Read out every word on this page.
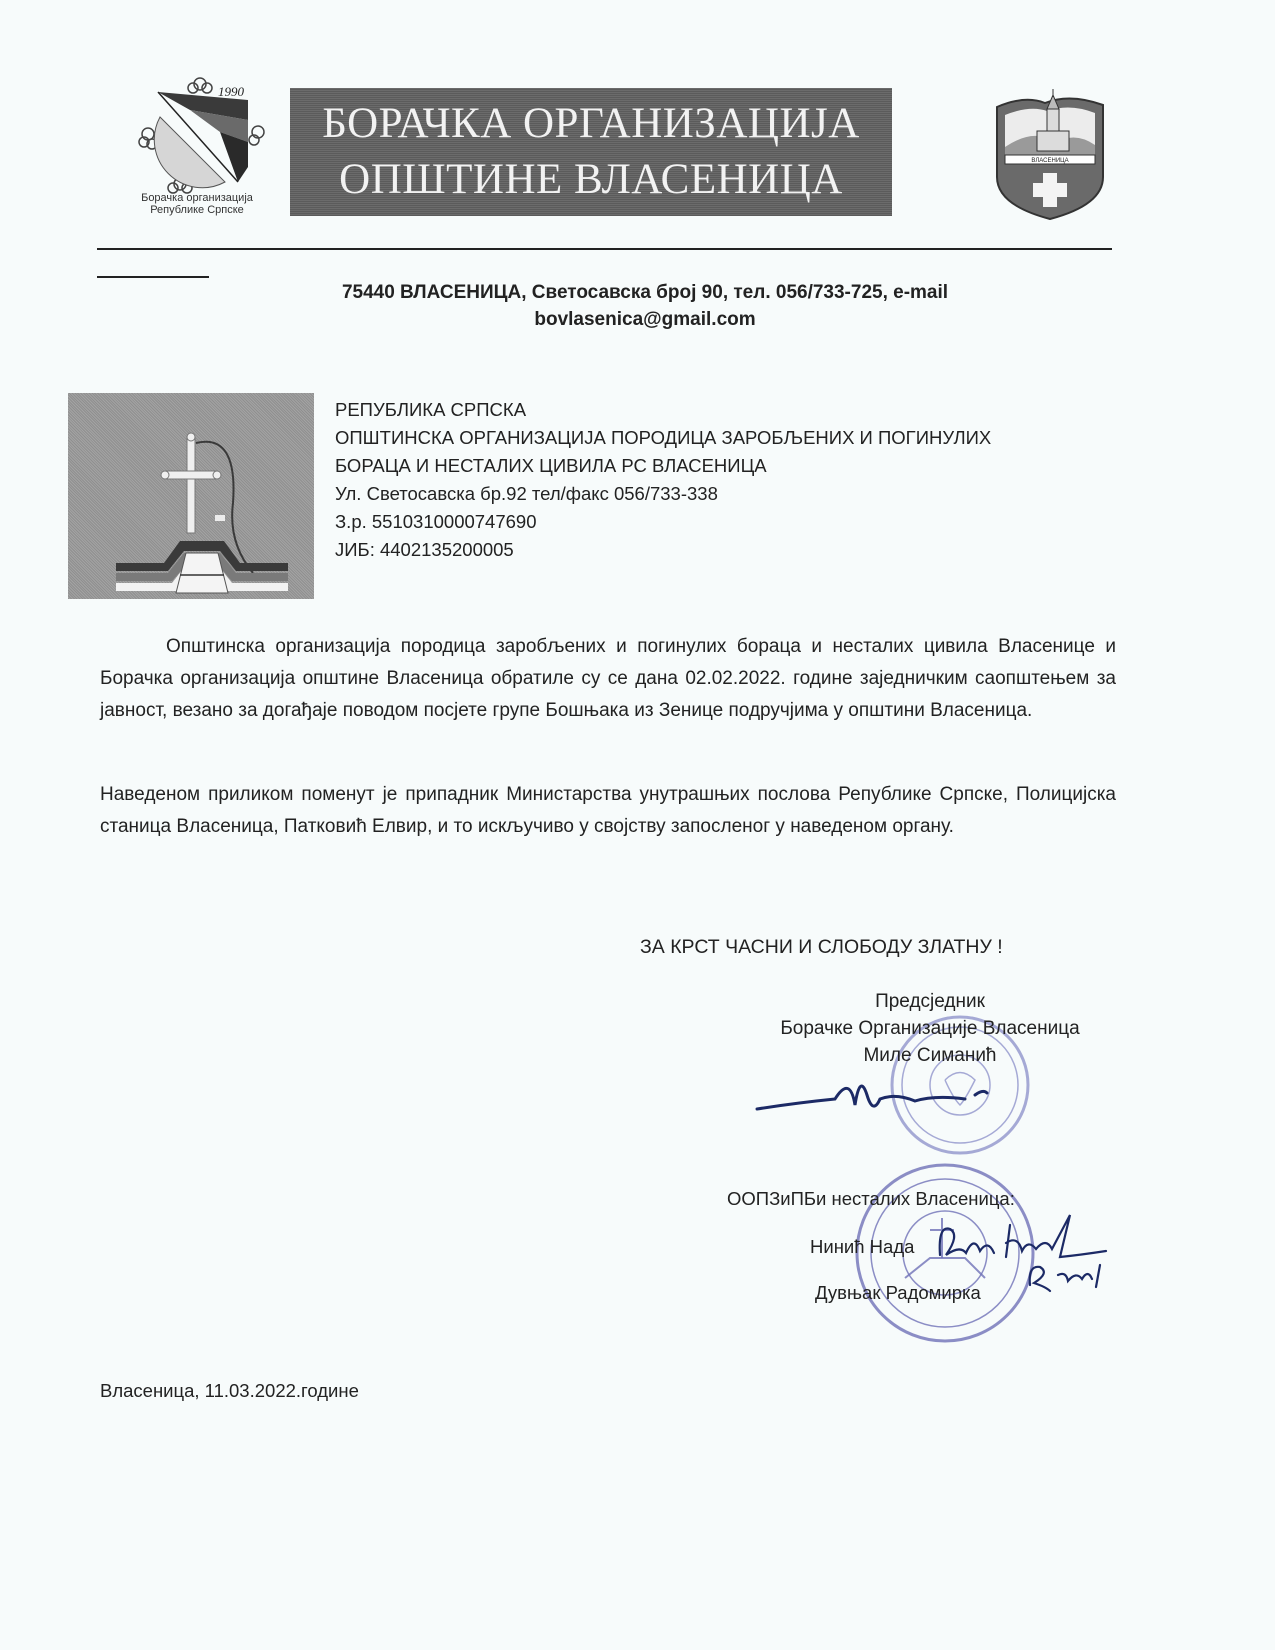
1990
Борачка организација
Републике Српске
БОРАЧКА ОРГАНИЗАЦИЈА
ОПШТИНЕ ВЛАСЕНИЦА	ВЛАСЕНИЦА
75440 ВЛАСЕНИЦА, Светосавска број 90, тел. 056/733-725, e-mail
bovlasenica@gmail.com
РЕПУБЛИКА СРПСКА
ОПШТИНСКА ОРГАНИЗАЦИЈА ПОРОДИЦА ЗАРОБЉЕНИХ И ПОГИНУЛИХ
БОРАЦА И НЕСТАЛИХ ЦИВИЛА РС ВЛАСЕНИЦА
Ул. Светосавска бр.92 тел/факс 056/733-338
З.р. 5510310000747690
ЈИБ: 4402135200005
Општинска организација породица заробљених и погинулих бораца и несталих цивила Власенице и Борачка организација општине Власеница обратиле су се дана 02.02.2022. године заједничким саопштењем за јавност, везано за догађаје поводом посјете групе Бошњака из Зенице подручјима у општини Власеница.
Наведеном приликом поменут је припадник Министарства унутрашњих послова Републике Српске, Полицијска станица Власеница, Патковић Елвир, и то искључиво у својству запосленог у наведеном органу.
ЗА КРСТ ЧАСНИ И СЛОБОДУ ЗЛАТНУ !
Предсједник
Борачке Организације Власеница
Миле Симанић
ООПЗиПБи несталих Власеница:
Нинић Нада
Дувњак Радомирка
Власеница, 11.03.2022.године
